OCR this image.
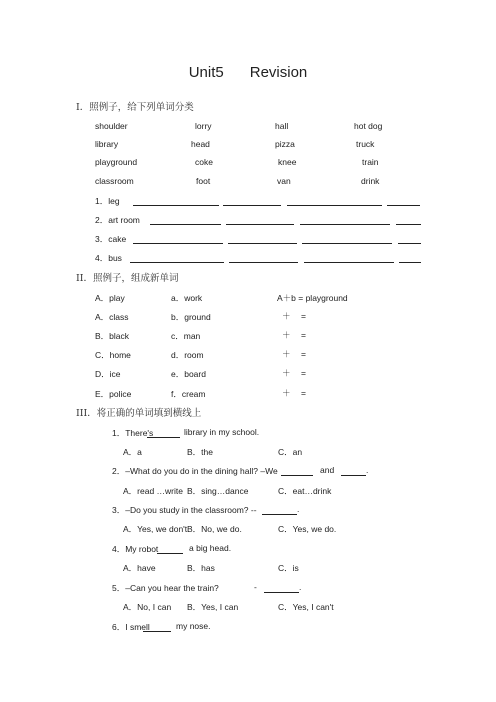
Unit5 Revision
I．照例子，给下列单词分类
shoulder	lorry	hall	hot dog
library	head	pizza	truck
playground	coke	knee	train
classroom	foot	van	drink
1．leg
2．art room
3．cake
4．bus
II．照例子，组成新单词
A．play	a．work	A＋b = playground
A．class	b．ground	＋ =
B．black	c．man	＋ =
C．home	d．room	＋ =
D．ice	e．board	＋ =
E．police	f．cream	＋ =
III．将正确的单词填到横线上
1．There's	library in my school.
A．a	B．the	C．an
2．–What do you do in the dining hall? –We	and	.
A．read …write B．sing…dance	C．eat…drink
3．–Do you study in the classroom? --	.
A．Yes, we don't.
B．No, we do.	C．Yes, we do.
4．My robot	a big head.
A．have	B．has	C．is
5．–Can you hear the train?	-	.
A．No, I can B．Yes, I can	C．Yes, I can't
6．I smell	my nose.
